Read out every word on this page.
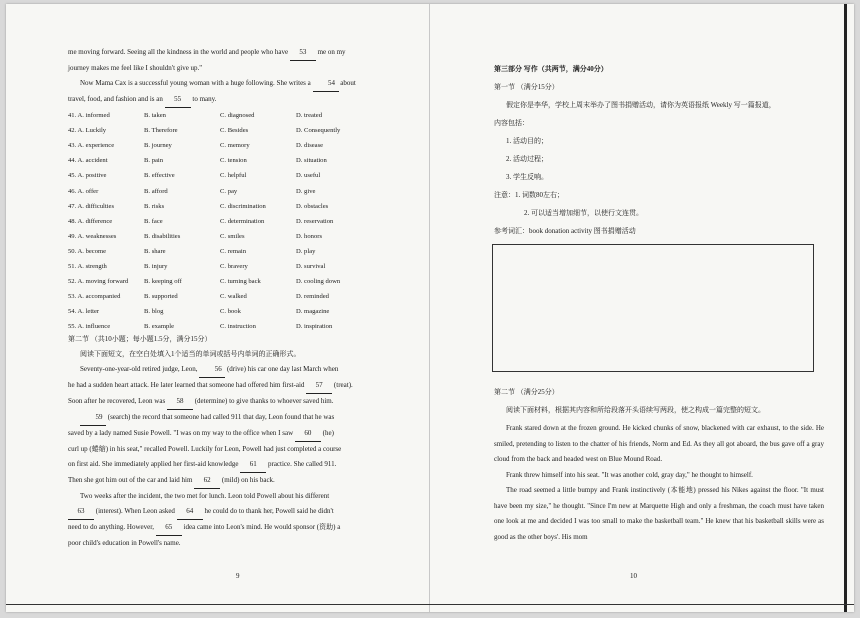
me moving forward. Seeing all the kindness in the world and people who have 53 me on my

journey makes me feel like I shouldn't give up."

Now Mama Cax is a successful young woman with a huge following. She writes a 54 about

travel, food, and fashion and is an 55 to many.

41. A. informed	B. taken	C. diagnosed	D. treated
42. A. Luckily	B. Therefore	C. Besides	D. Consequently
43. A. experience	B. journey	C. memory	D. disease
44. A. accident	B. pain	C. tension	D. situation
45. A. positive	B. effective	C. helpful	D. useful
46. A. offer	B. afford	C. pay	D. give
47. A. difficulties	B. risks	C. discrimination	D. obstacles
48. A. difference	B. face	C. determination	D. reservation
49. A. weaknesses	B. disabilities	C. smiles	D. honors
50. A. become	B. share	C. remain	D. play
51. A. strength	B. injury	C. bravery	D. survival
52. A. moving forward	B. keeping off	C. turning back	D. cooling down
53. A. accompanied	B. supported	C. walked	D. reminded
54. A. letter	B. blog	C. book	D. magazine
55. A. influence	B. example	C. instruction	D. inspiration

第二节 （共10小题；每小题1.5分，满分15分）

阅读下面短文，在空白处填入1个适当的单词或括号内单词的正确形式。

Seventy-one-year-old retired judge, Leon, 56 (drive) his car one day last March when

he had a sudden heart attack. He later learned that someone had offered him first-aid 57 (treat).

Soon after he recovered, Leon was 58 (determine) to give thanks to whoever saved him.

59 (search) the record that someone had called 911 that day, Leon found that he was

saved by a lady named Susie Powell. "I was on my way to the office when I saw 60 (he)

curl up (蜷缩) in his seat," recalled Powell. Luckily for Leon, Powell had just completed a course

on first aid. She immediately applied her first-aid knowledge 61 practice. She called 911.

Then she got him out of the car and laid him 62 (mild) on his back.

Two weeks after the incident, the two met for lunch. Leon told Powell about his different

63 (interest). When Leon asked 64 he could do to thank her, Powell said he didn't

need to do anything. However, 65 idea came into Leon's mind. He would sponsor (资助) a

poor child's education in Powell's name.

9

第三部分 写作（共两节，满分40分）

第一节 （满分15分）

假定你是李华，学校上周末举办了图书捐赠活动，请你为英语报纸 Weekly 写一篇报道，

内容包括：

1. 活动目的；

2. 活动过程；

3. 学生反响。

注意：1. 词数80左右；

2. 可以适当增加细节，以使行文连贯。

参考词汇：book donation activity 图书捐赠活动

第二节 （满分25分）

阅读下面材料，根据其内容和所给段落开头语续写两段，使之构成一篇完整的短文。

Frank stared down at the frozen ground. He kicked chunks of snow, blackened with car exhaust, to the side. He smiled, pretending to listen to the chatter of his friends, Norm and Ed. As they all got aboard, the bus gave off a gray cloud from the back and headed west on Blue Mound Road.

Frank threw himself into his seat. "It was another cold, gray day," he thought to himself.

The road seemed a little bumpy and Frank instinctively (本能地) pressed his Nikes against the floor. "It must have been my size," he thought. "Since I'm new at Marquette High and only a freshman, the coach must have taken one look at me and decided I was too small to make the basketball team." He knew that his basketball skills were as good as the other boys'. His mom

10
